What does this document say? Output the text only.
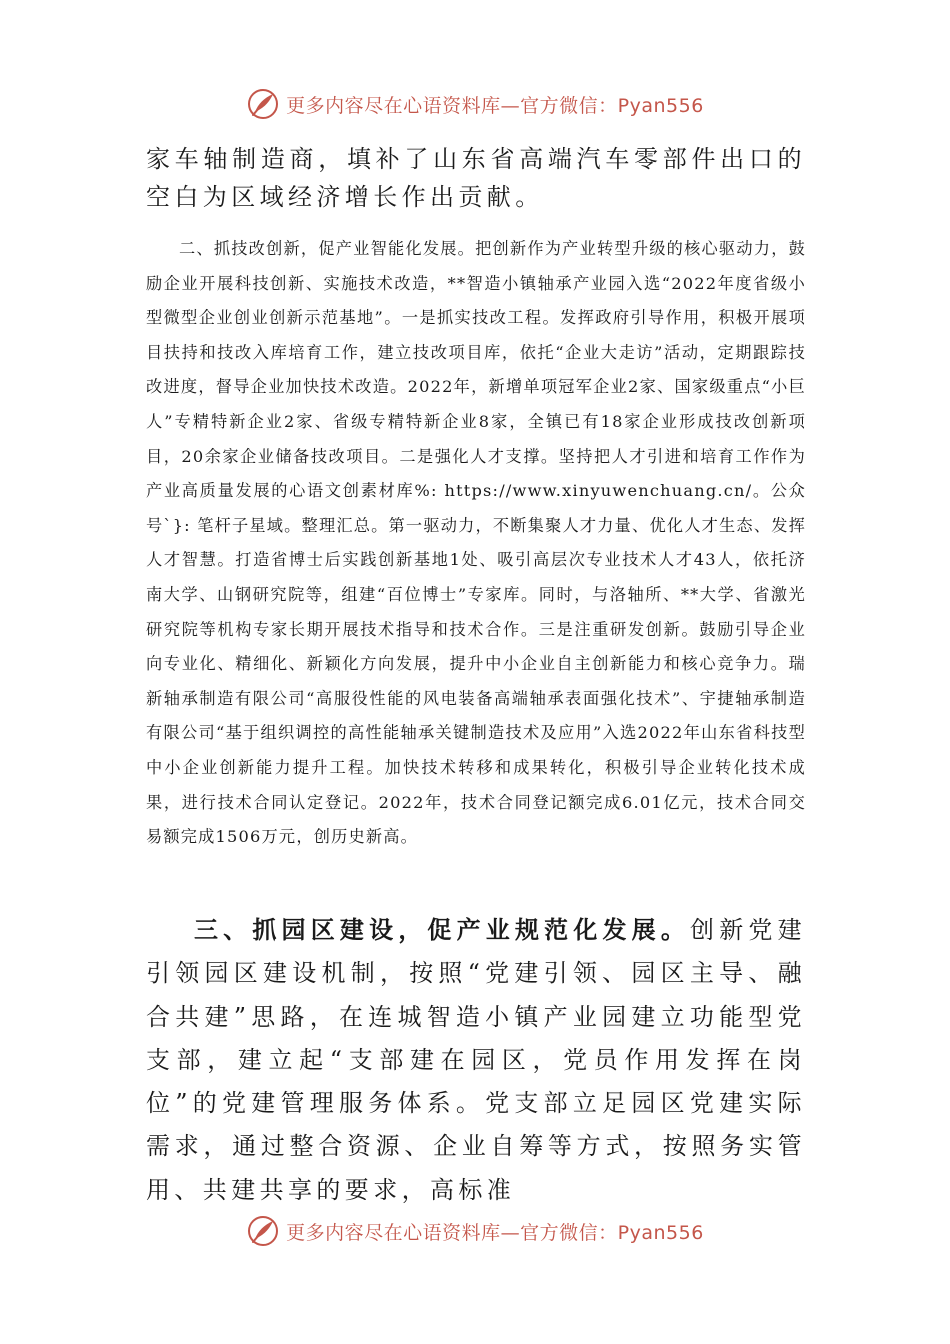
更多内容尽在心语资料库—官方微信：Pyan556

家车轴制造商，填补了山东省高端汽车零部件出口的空白为区域经济增长作出贡献。

二、抓技改创新，促产业智能化发展。把创新作为产业转型升级的核心驱动力，鼓励企业开展科技创新、实施技术改造，**智造小镇轴承产业园入选“2022年度省级小型微型企业创业创新示范基地”。一是抓实技改工程。发挥政府引导作用，积极开展项目扶持和技改入库培育工作，建立技改项目库，依托“企业大走访”活动，定期跟踪技改进度，督导企业加快技术改造。2022年，新增单项冠军企业2家、国家级重点“小巨人”专精特新企业2家、省级专精特新企业8家，全镇已有18家企业形成技改创新项目，20余家企业储备技改项目。二是强化人才支撑。坚持把人才引进和培育工作作为产业高质量发展的心语文创素材库%: https://www.xinyuwenchuang.cn/。公众号`}: 笔杆子星域。整理汇总。第一驱动力，不断集聚人才力量、优化人才生态、发挥人才智慧。打造省博士后实践创新基地1处、吸引高层次专业技术人才43人，依托济南大学、山钢研究院等，组建“百位博士”专家库。同时，与洛轴所、**大学、省激光研究院等机构专家长期开展技术指导和技术合作。三是注重研发创新。鼓励引导企业向专业化、精细化、新颖化方向发展，提升中小企业自主创新能力和核心竞争力。瑞新轴承制造有限公司“高服役性能的风电装备高端轴承表面强化技术”、宇捷轴承制造有限公司“基于组织调控的高性能轴承关键制造技术及应用”入选2022年山东省科技型中小企业创新能力提升工程。加快技术转移和成果转化，积极引导企业转化技术成果，进行技术合同认定登记。2022年，技术合同登记额完成6.01亿元，技术合同交易额完成1506万元，创历史新高。

三、抓园区建设，促产业规范化发展。创新党建引领园区建设机制，按照“党建引领、园区主导、融合共建”思路，在连城智造小镇产业园建立功能型党支部，建立起“支部建在园区，党员作用发挥在岗位”的党建管理服务体系。党支部立足园区党建实际需求，通过整合资源、企业自筹等方式，按照务实管用、共建共享的要求，高标准

更多内容尽在心语资料库—官方微信：Pyan556
